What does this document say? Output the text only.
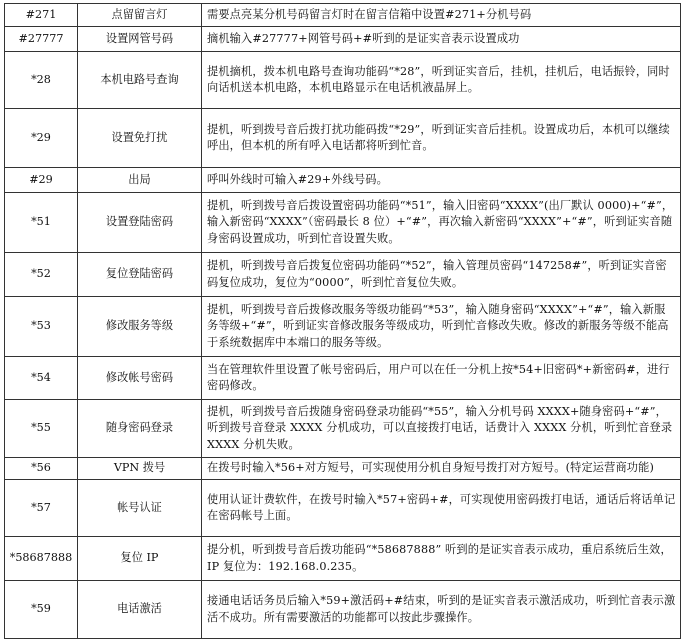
#271	点留留言灯	需要点亮某分机号码留言灯时在留言信箱中设置#271+分机号码
#27777	设置网管号码	摘机输入#27777+网管号码+#听到的是证实音表示设置成功
*28	本机电路号查询	提机摘机，拨本机电路号查询功能码“*28”，听到证实音后，挂机，挂机后，电话振铃，同时向话机送本机电路，本机电路显示在电话机液晶屏上。
*29	设置免打扰	提机，听到拨号音后拨打扰功能码拨“*29”，听到证实音后挂机。设置成功后，本机可以继续呼出，但本机的所有呼入电话都将听到忙音。
#29	出局	呼叫外线时可输入#29+外线号码。
*51	设置登陆密码	提机，听到拨号音后拨设置密码功能码“*51”，输入旧密码“XXXX”(出厂默认 0000)+“#”，输入新密码“XXXX”（密码最长 8 位）+“#”，再次输入新密码“XXXX”+“#”，听到证实音随身密码设置成功，听到忙音设置失败。
*52	复位登陆密码	提机，听到拨号音后拨复位密码功能码“*52”，输入管理员密码“147258#”，听到证实音密码复位成功，复位为“0000”，听到忙音复位失败。
*53	修改服务等级	提机，听到拨号音后拨修改服务等级功能码“*53”，输入随身密码“XXXX”+“#”，输入新服务等级+“#”，听到证实音修改服务等级成功，听到忙音修改失败。修改的新服务等级不能高于系统数据库中本端口的服务等级。
*54	修改帐号密码	当在管理软件里设置了帐号密码后，用户可以在任一分机上按*54+旧密码*+新密码#，进行密码修改。
*55	随身密码登录	提机，听到拨号音后拨随身密码登录功能码“*55”，输入分机号码 XXXX+随身密码+“#”，听到拨号音登录 XXXX 分机成功，可以直接拨打电话，话费计入 XXXX 分机，听到忙音登录 XXXX 分机失败。
*56	VPN 拨号	在拨号时输入*56+对方短号，可实现使用分机自身短号拨打对方短号。(特定运营商功能)
*57	帐号认证	使用认证计费软件，在拨号时输入*57+密码+#，可实现使用密码拨打电话，通话后将话单记在密码帐号上面。
*58687888	复位 IP	提分机，听到拨号音后拨功能码“*58687888” 听到的是证实音表示成功，重启系统后生效，IP 复位为：192.168.0.235。
*59	电话激活	接通电话话务员后输入*59+激活码+#结束，听到的是证实音表示激活成功，听到忙音表示激活不成功。所有需要激活的功能都可以按此步骤操作。
